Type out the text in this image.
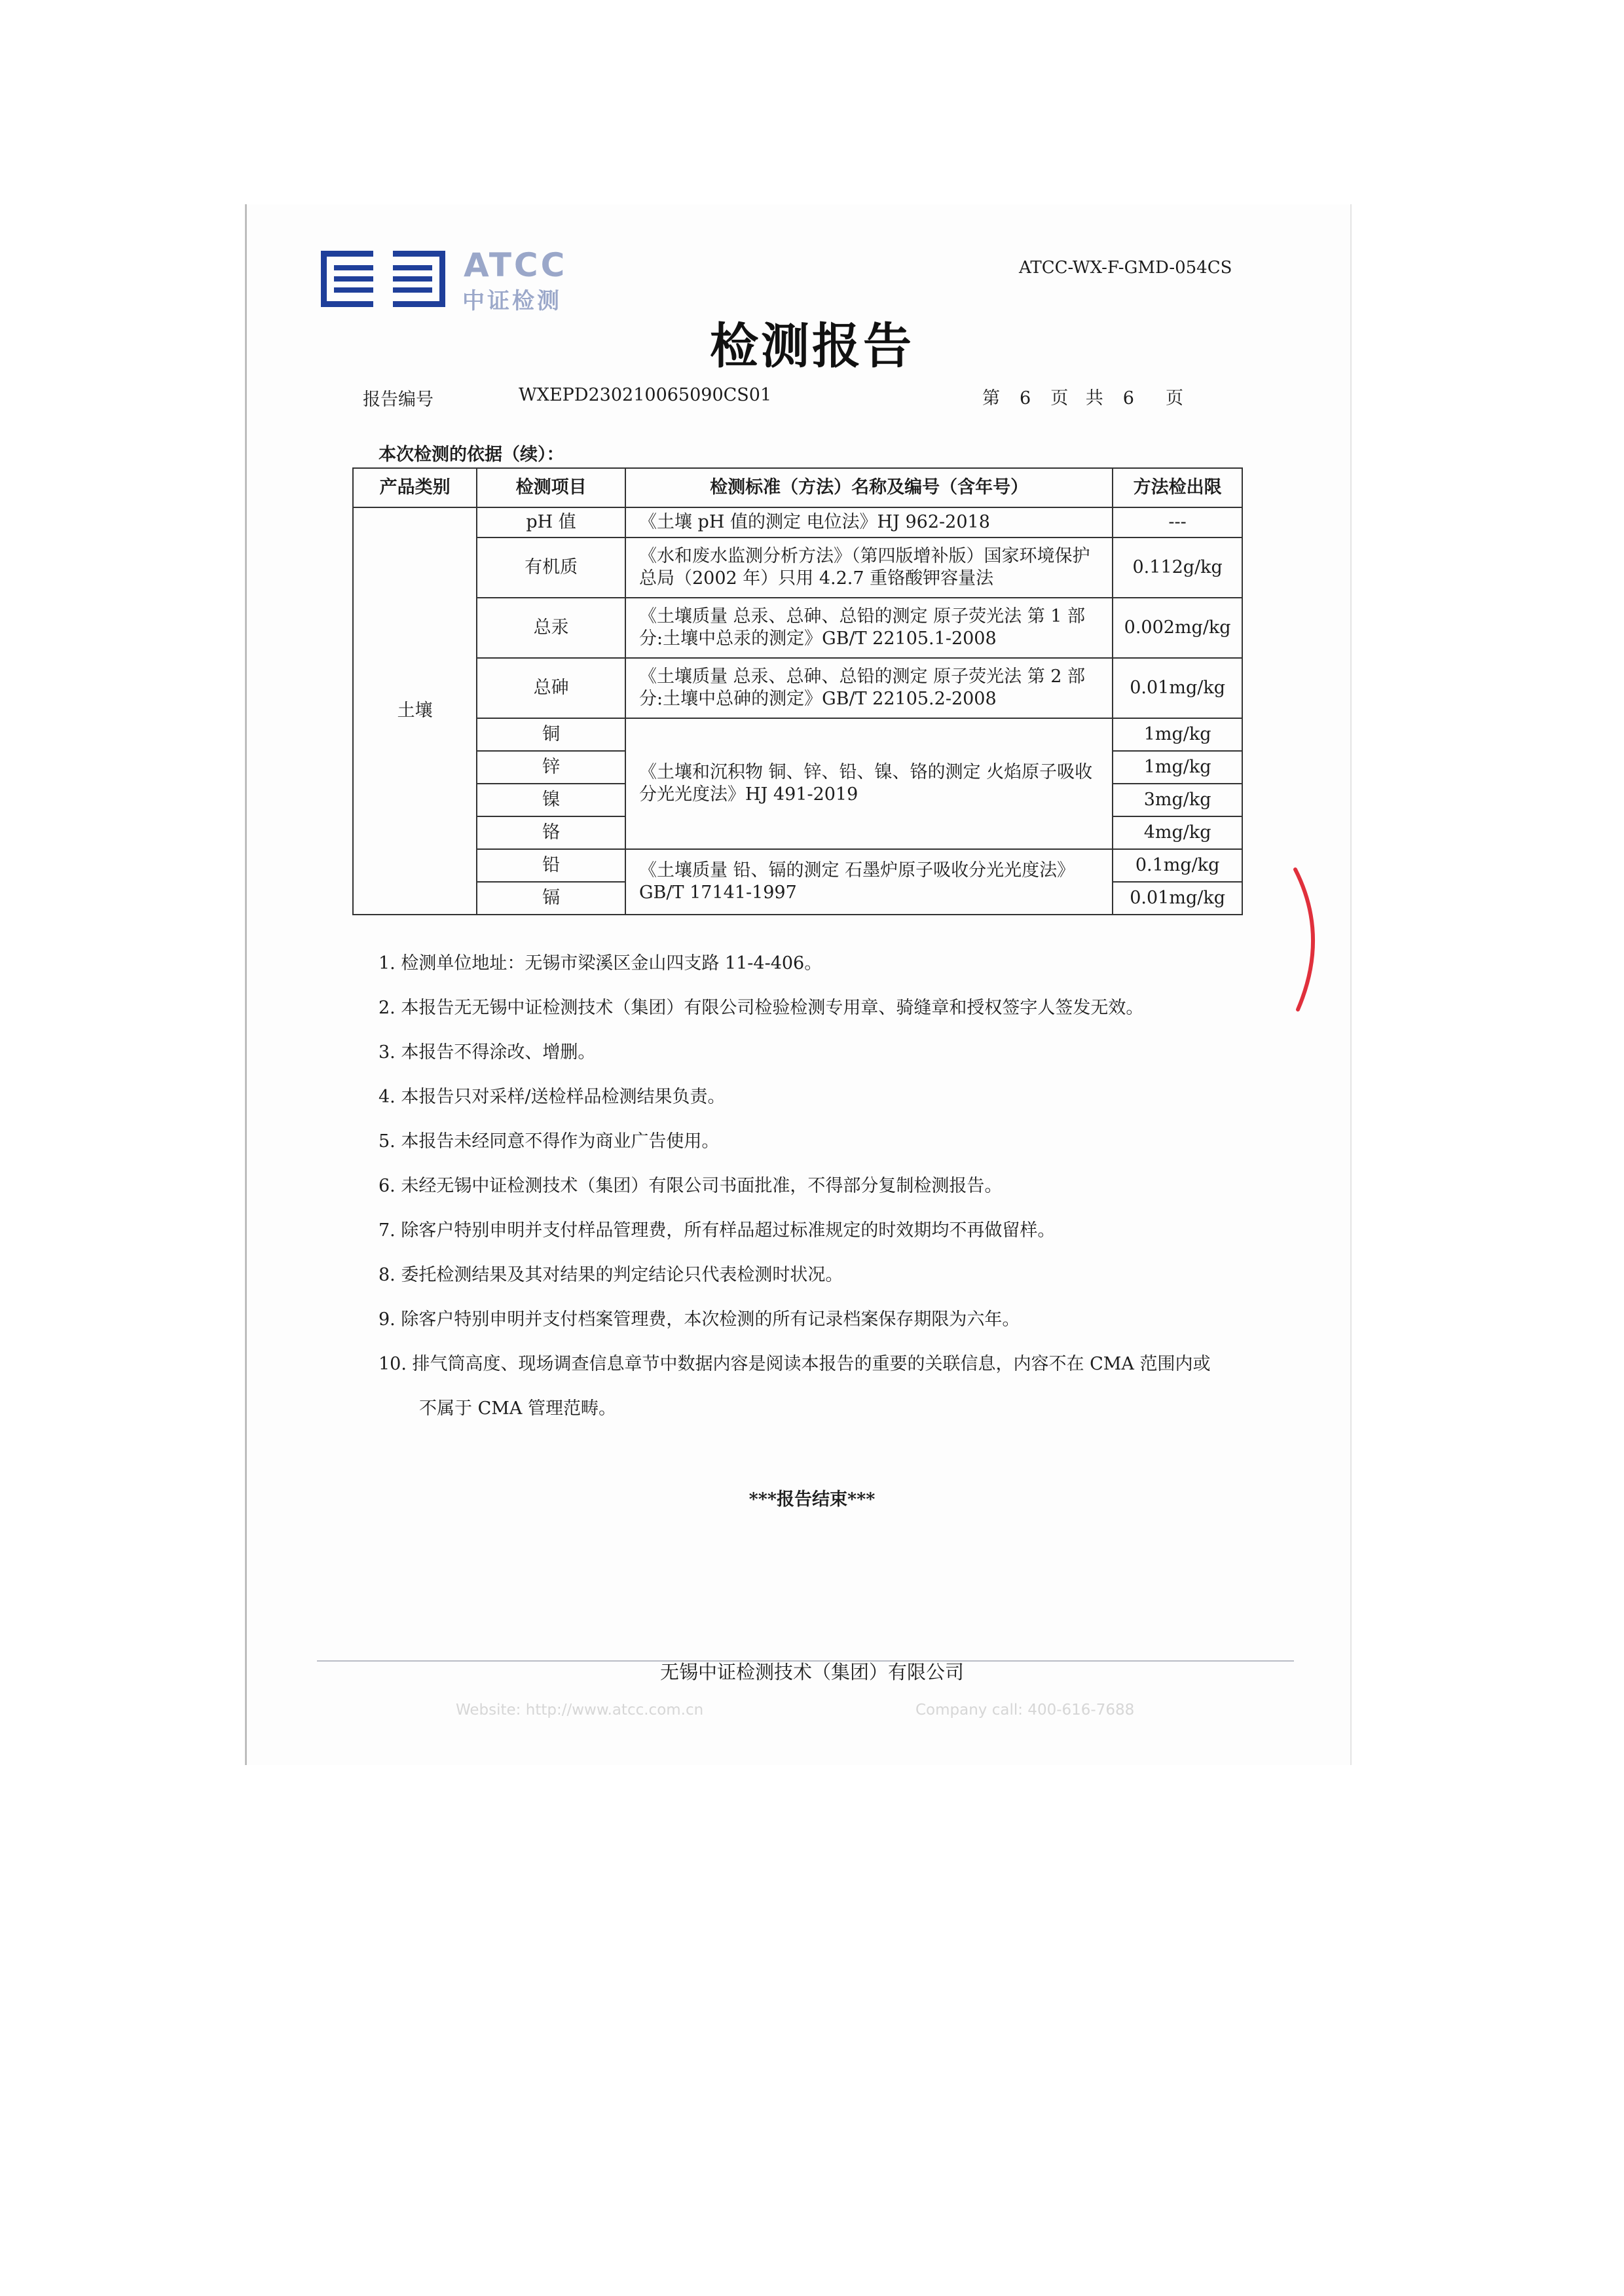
ATCC
中证检测
ATCC-WX-F-GMD-054CS
检测报告
报告编号	WXEPD230210065090CS01	第 6 页 共 6 页
本次检测的依据（续）：
产品类别	检测项目	检测标准（方法）名称及编号（含年号）	方法检出限
土壤	pH 值	《土壤 pH 值的测定 电位法》HJ 962-2018	---
	有机质	《水和废水监测分析方法》（第四版增补版）国家环境保护总局（2002 年）只用 4.2.7 重铬酸钾容量法	0.112g/kg
	总汞	《土壤质量 总汞、总砷、总铅的测定 原子荧光法 第 1 部分:土壤中总汞的测定》GB/T 22105.1-2008	0.002mg/kg
	总砷	《土壤质量 总汞、总砷、总铅的测定 原子荧光法 第 2 部分:土壤中总砷的测定》GB/T 22105.2-2008	0.01mg/kg
	铜	《土壤和沉积物 铜、锌、铅、镍、铬的测定 火焰原子吸收分光光度法》HJ 491-2019	1mg/kg
	锌		1mg/kg
	镍		3mg/kg
	铬		4mg/kg
	铅	《土壤质量 铅、镉的测定 石墨炉原子吸收分光光度法》GB/T 17141-1997	0.1mg/kg
	镉		0.01mg/kg
1. 检测单位地址：无锡市梁溪区金山四支路 11-4-406。
2. 本报告无无锡中证检测技术（集团）有限公司检验检测专用章、骑缝章和授权签字人签发无效。
3. 本报告不得涂改、增删。
4. 本报告只对采样/送检样品检测结果负责。
5. 本报告未经同意不得作为商业广告使用。
6. 未经无锡中证检测技术（集团）有限公司书面批准，不得部分复制检测报告。
7. 除客户特别申明并支付样品管理费，所有样品超过标准规定的时效期均不再做留样。
8. 委托检测结果及其对结果的判定结论只代表检测时状况。
9. 除客户特别申明并支付档案管理费，本次检测的所有记录档案保存期限为六年。
10. 排气筒高度、现场调查信息章节中数据内容是阅读本报告的重要的关联信息，内容不在 CMA 范围内或
不属于 CMA 管理范畴。
***报告结束***
无锡中证检测技术（集团）有限公司
Website: http://www.atcc.com.cn	Company call: 400-616-7688
